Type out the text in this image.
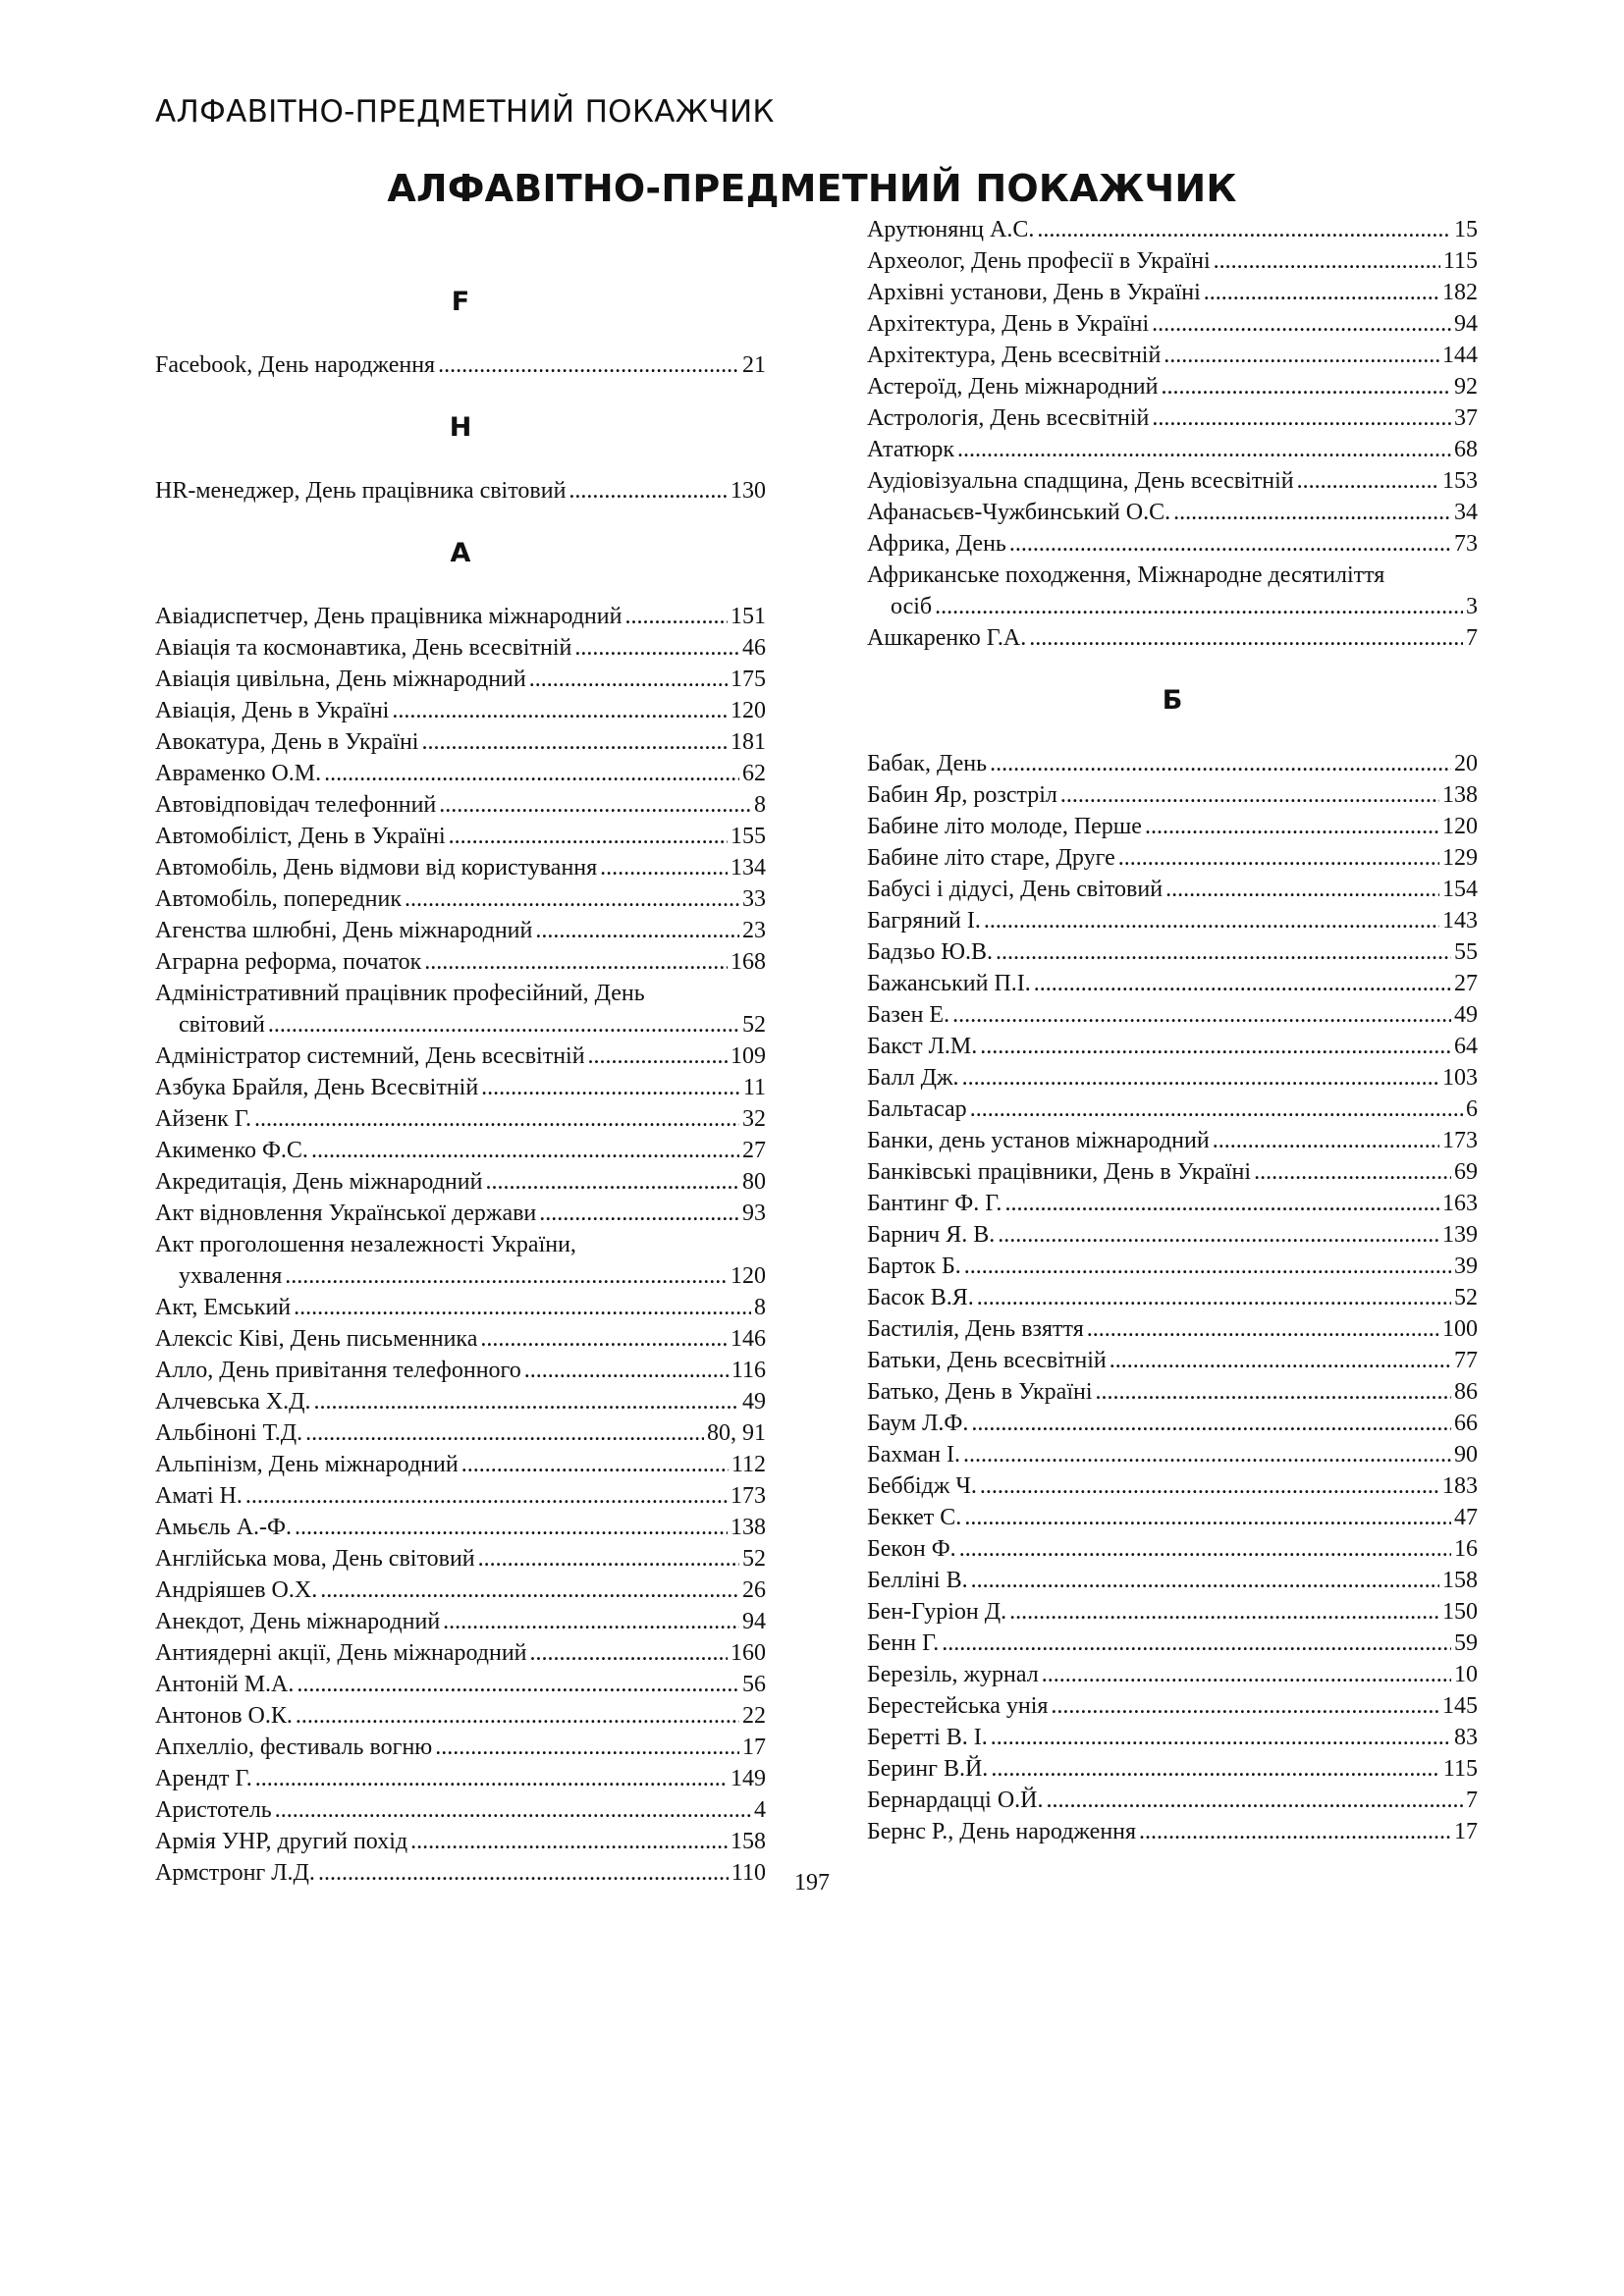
АЛФАВІТНО-ПРЕДМЕТНИЙ ПОКАЖЧИК
АЛФАВІТНО-ПРЕДМЕТНИЙ ПОКАЖЧИК
F
Facebook, День народження .....	21
H
HR-менеджер, День працівника світовий .....	130
А
Авіадиспетчер, День працівника міжнародний .....	151
Авіація та космонавтика, День всесвітній .....	46
Авіація цивільна, День міжнародний .....	175
Авіація, День в Україні .....	120
Авокатура, День в Україні .....	181
Авраменко О.М. .....	62
Автовідповідач телефонний .....	8
Автомобіліст, День в Україні .....	155
Автомобіль, День відмови від користування .....	134
Автомобіль, попередник .....	33
Агенства шлюбні, День міжнародний .....	23
Аграрна реформа, початок .....	168
Адміністративний працівник професійний, День
світовий .....	52
Адміністратор системний, День всесвітній .....	109
Азбука Брайля, День Всесвітній .....	11
Айзенк Г. .....	32
Акименко Ф.С. .....	27
Акредитація, День міжнародний .....	80
Акт відновлення Української держави .....	93
Акт проголошення незалежності України,
ухвалення .....	120
Акт, Емський .....	8
Алексіс Ківі, День письменника .....	146
Алло, День привітання телефонного .....	116
Алчевська Х.Д. .....	49
Альбіноні Т.Д. .....	80, 91
Альпінізм, День міжнародний .....	112
Аматі Н. .....	173
Амьєль А.-Ф. .....	138
Англійська мова, День світовий .....	52
Андріяшев О.Х. .....	26
Анекдот, День міжнародний .....	94
Антиядерні акції, День міжнародний .....	160
Антоній М.А. .....	56
Антонов О.К. .....	22
Апхелліо, фестиваль вогню .....	17
Арендт Г. .....	149
Аристотель .....	4
Армія УНР, другий похід .....	158
Армстронг Л.Д. .....	110
Арутюнянц А.С. .....	15
Археолог, День професії в Україні .....	115
Архівні установи, День в Україні .....	182
Архітектура, День в Україні .....	94
Архітектура, День всесвітній .....	144
Астероїд, День міжнародний .....	92
Астрологія, День всесвітній .....	37
Ататюрк .....	68
Аудіовізуальна спадщина, День всесвітній .....	153
Афанасьєв-Чужбинський О.С. .....	34
Африка, День .....	73
Африканське походження, Міжнародне десятиліття
осіб .....	3
Ашкаренко Г.А. .....	7
Б
Бабак, День .....	20
Бабин Яр, розстріл .....	138
Бабине літо молоде, Перше .....	120
Бабине літо старе, Друге .....	129
Бабусі і дідусі, День світовий .....	154
Багряний І. .....	143
Бадзьо Ю.В. .....	55
Бажанський П.І. .....	27
Базен Е. .....	49
Бакст Л.М. .....	64
Балл Дж. .....	103
Бальтасар .....	6
Банки, день установ міжнародний .....	173
Банківські працівники, День в Україні .....	69
Бантинг Ф. Г. .....	163
Барнич Я. В. .....	139
Барток Б. .....	39
Басок В.Я. .....	52
Бастилія, День взяття .....	100
Батьки, День всесвітній .....	77
Батько, День в Україні .....	86
Баум Л.Ф. .....	66
Бахман І. .....	90
Беббідж Ч. .....	183
Беккет С. .....	47
Бекон Ф. .....	16
Белліні В. .....	158
Бен-Гуріон Д. .....	150
Бенн Г. .....	59
Березіль, журнал .....	10
Берестейська унія .....	145
Беретті В. І. .....	83
Беринг В.Й. .....	115
Бернардацці О.Й. .....	7
Бернс Р., День народження .....	17
197
